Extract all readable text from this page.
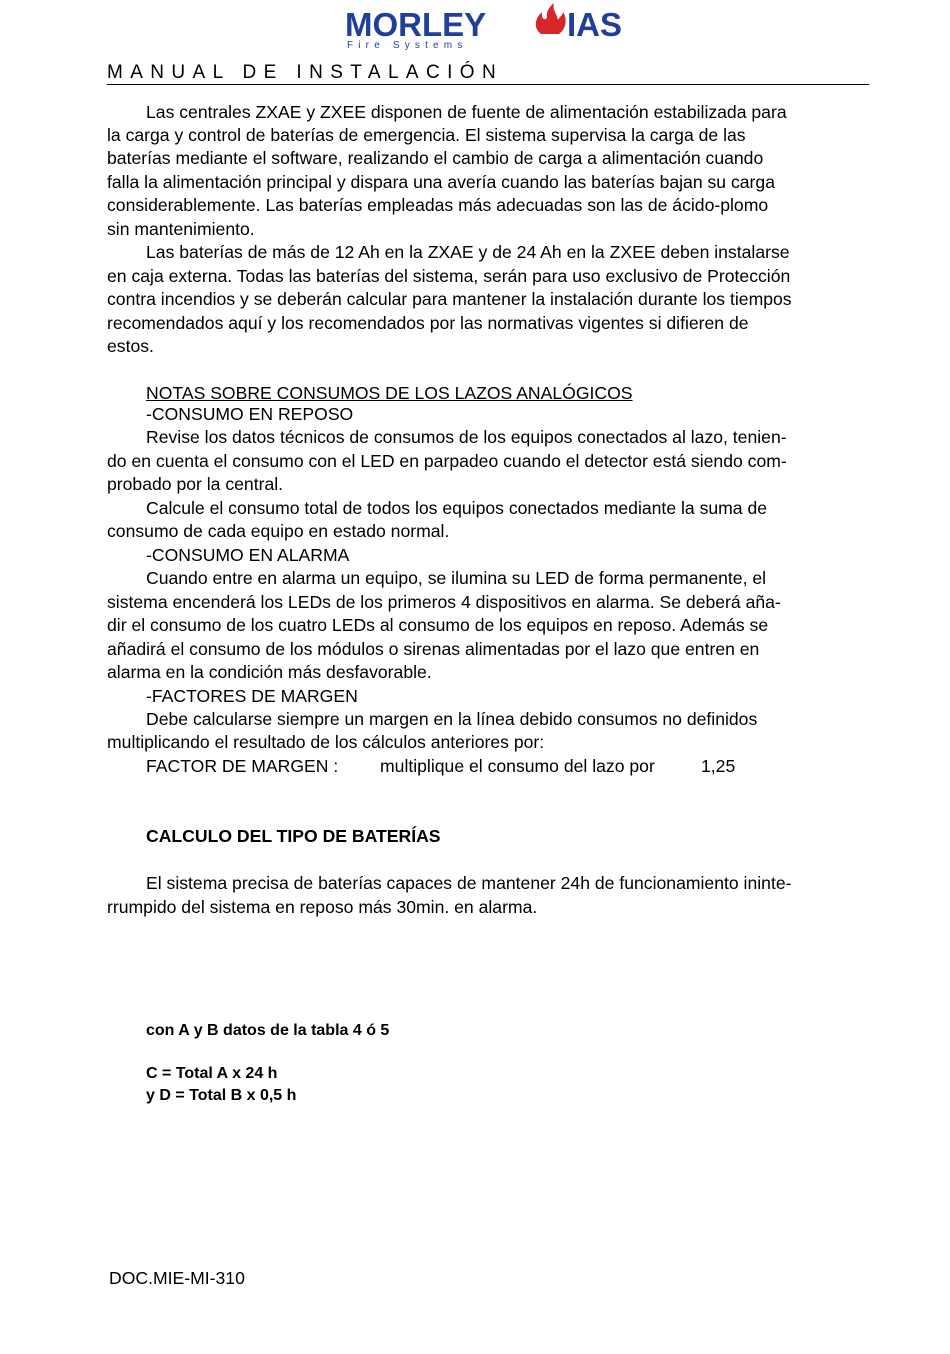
MORLEY IAS
F i r e   S y s t e m s
MANUAL DE INSTALACIÓN
Las centrales ZXAE y ZXEE disponen de fuente de alimentación estabilizada para
la carga y control de baterías de emergencia. El sistema supervisa la carga de las
baterías mediante el software, realizando el cambio de carga a alimentación cuando
falla la alimentación principal y dispara una avería cuando las baterías bajan su carga
considerablemente. Las baterías empleadas más adecuadas son las de ácido-plomo
sin mantenimiento.
Las baterías de más de 12 Ah en la ZXAE y de 24 Ah en la ZXEE deben instalarse
en caja externa. Todas las baterías del sistema, serán para uso exclusivo de Protección
contra incendios y se deberán calcular para mantener la instalación durante los tiempos
recomendados aquí y los recomendados por las normativas vigentes si difieren de
estos.
NOTAS SOBRE CONSUMOS DE LOS LAZOS ANALÓGICOS
-CONSUMO EN REPOSO
Revise los datos técnicos de consumos de los equipos conectados al lazo, tenien-
do en cuenta el consumo con el LED en parpadeo cuando el detector está siendo com-
probado por la central.
Calcule el consumo total de todos los equipos conectados mediante la suma de
consumo de cada equipo en estado normal.
-CONSUMO EN ALARMA
Cuando entre en alarma un equipo, se ilumina su LED de forma permanente, el
sistema encenderá los LEDs de los primeros 4 dispositivos en alarma. Se deberá aña-
dir el consumo de los cuatro LEDs al consumo de los equipos en reposo. Además se
añadirá el consumo de los módulos o sirenas alimentadas por el lazo que entren en
alarma en la condición más desfavorable.
-FACTORES DE MARGEN
Debe calcularse siempre un margen en la línea debido consumos no definidos
multiplicando el resultado de los cálculos anteriores por:
FACTOR DE MARGEN : multiplique el consumo del lazo por	1,25
CALCULO DEL TIPO DE BATERÍAS
El sistema precisa de baterías capaces de mantener 24h de funcionamiento ininte-
rrumpido del sistema en reposo más 30min. en alarma.
con A y B datos de la tabla 4 ó 5
C = Total A x 24 h
y D = Total B x 0,5 h
DOC.MIE-MI-310
